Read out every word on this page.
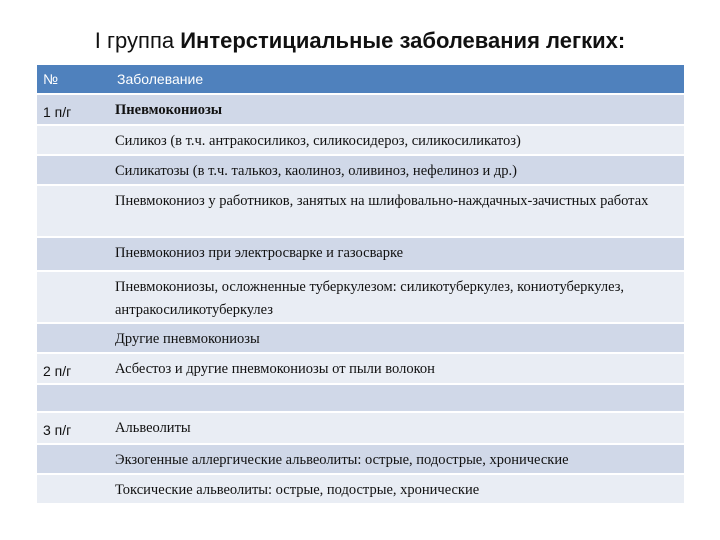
I группа Интерстициальные заболевания легких:
№	Заболевание
1 п/г	Пневмокониозы
	Силикоз (в т.ч. антракосиликоз, силикосидероз, силикосиликатоз)
	Силикатозы (в т.ч. талькоз, каолиноз, оливиноз, нефелиноз и др.)
	Пневмокониоз у работников, занятых на шлифовально-наждачных-зачистных работах
	Пневмокониоз при электросварке и газосварке
	Пневмокониозы, осложненные туберкулезом: силикотуберкулез, кониотуберкулез, антракосиликотуберкулез
	Другие пневмокониозы
2 п/г	Асбестоз и другие пневмокониозы от пыли волокон

3 п/г	Альвеолиты
	Экзогенные аллергические альвеолиты: острые, подострые, хронические
	Токсические альвеолиты: острые, подострые, хронические
